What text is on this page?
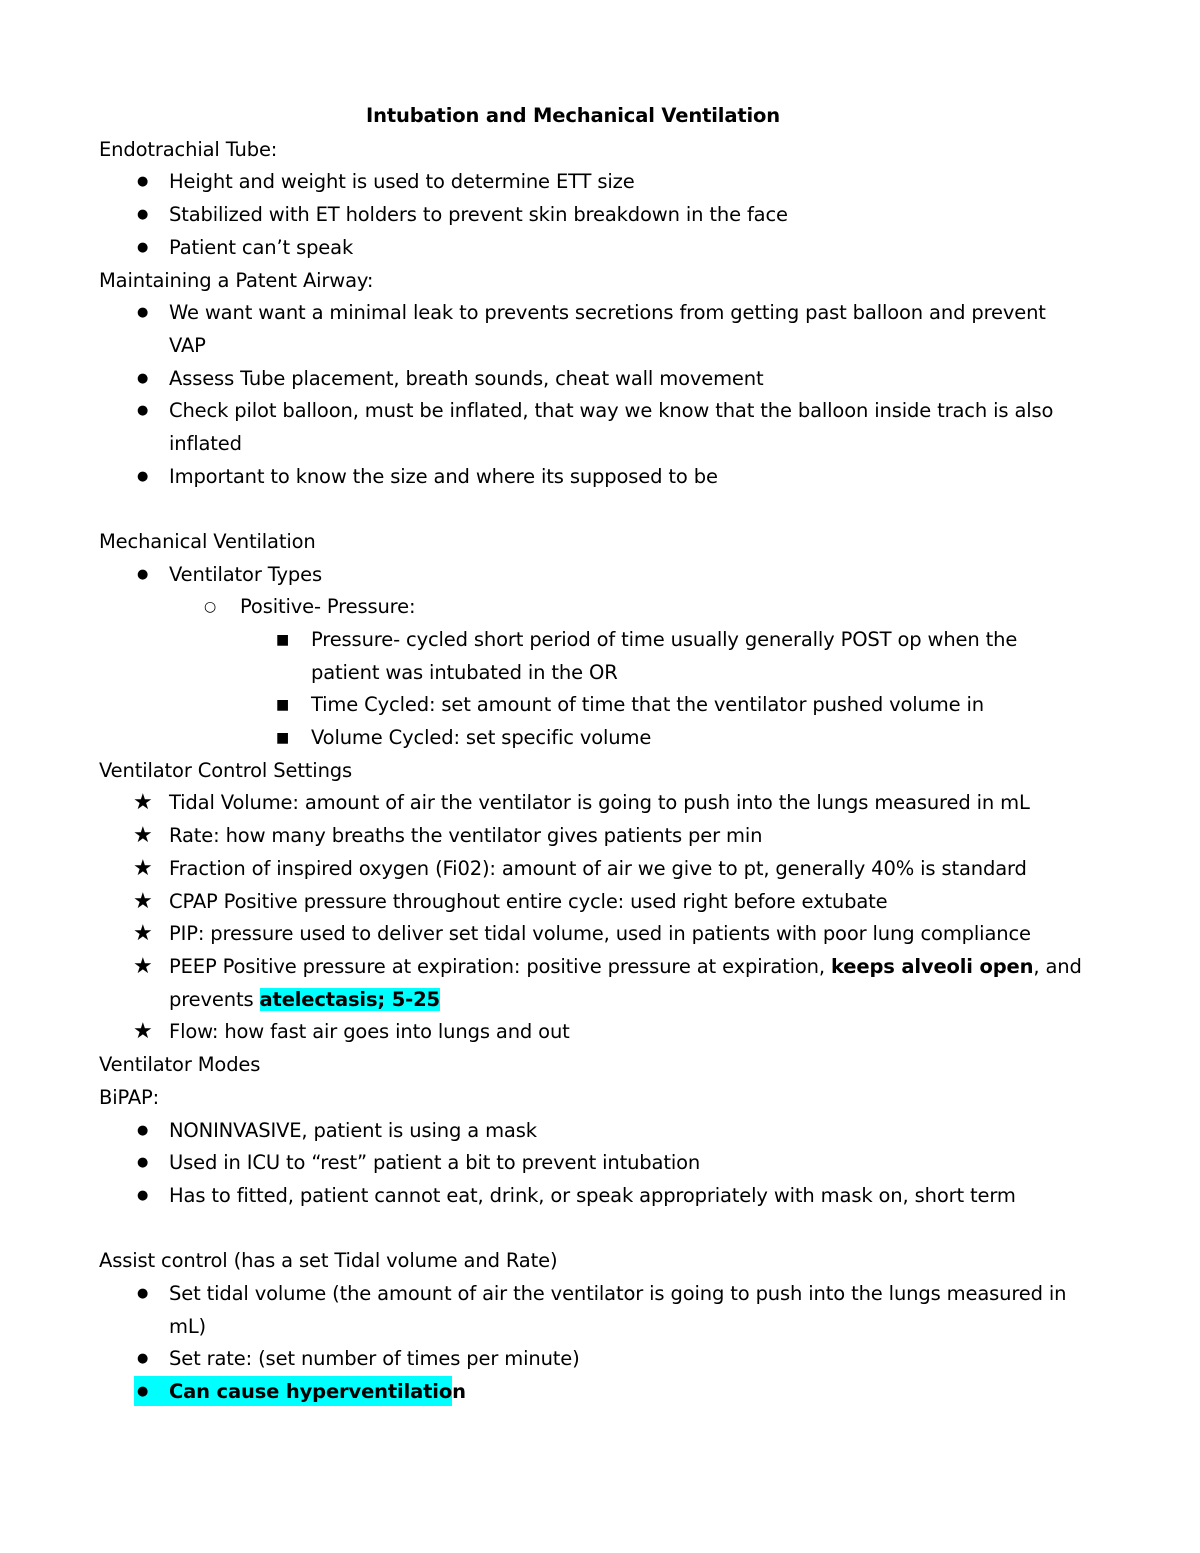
Intubation and Mechanical Ventilation
Endotrachial Tube:
● Height and weight is used to determine ETT size
● Stabilized with ET holders to prevent skin breakdown in the face
● Patient can’t speak
Maintaining a Patent Airway:
● We want want a minimal leak to prevents secretions from getting past balloon and prevent
VAP
● Assess Tube placement, breath sounds, cheat wall movement
● Check pilot balloon, must be inflated, that way we know that the balloon inside trach is also
inflated
● Important to know the size and where its supposed to be
Mechanical Ventilation
● Ventilator Types
○ Positive- Pressure:
■ Pressure- cycled short period of time usually generally POST op when the
patient was intubated in the OR
■ Time Cycled: set amount of time that the ventilator pushed volume in
■ Volume Cycled: set specific volume
Ventilator Control Settings
★ Tidal Volume: amount of air the ventilator is going to push into the lungs measured in mL
★ Rate: how many breaths the ventilator gives patients per min
★ Fraction of inspired oxygen (Fi02): amount of air we give to pt, generally 40% is standard
★ CPAP Positive pressure throughout entire cycle: used right before extubate
★ PIP: pressure used to deliver set tidal volume, used in patients with poor lung compliance
★ PEEP Positive pressure at expiration: positive pressure at expiration, keeps alveoli open, and
prevents atelectasis; 5-25
★ Flow: how fast air goes into lungs and out
Ventilator Modes
BiPAP:
● NONINVASIVE, patient is using a mask
● Used in ICU to “rest” patient a bit to prevent intubation
● Has to fitted, patient cannot eat, drink, or speak appropriately with mask on, short term
Assist control (has a set Tidal volume and Rate)
● Set tidal volume (the amount of air the ventilator is going to push into the lungs measured in
mL)
● Set rate: (set number of times per minute)
● Can cause hyperventilation
